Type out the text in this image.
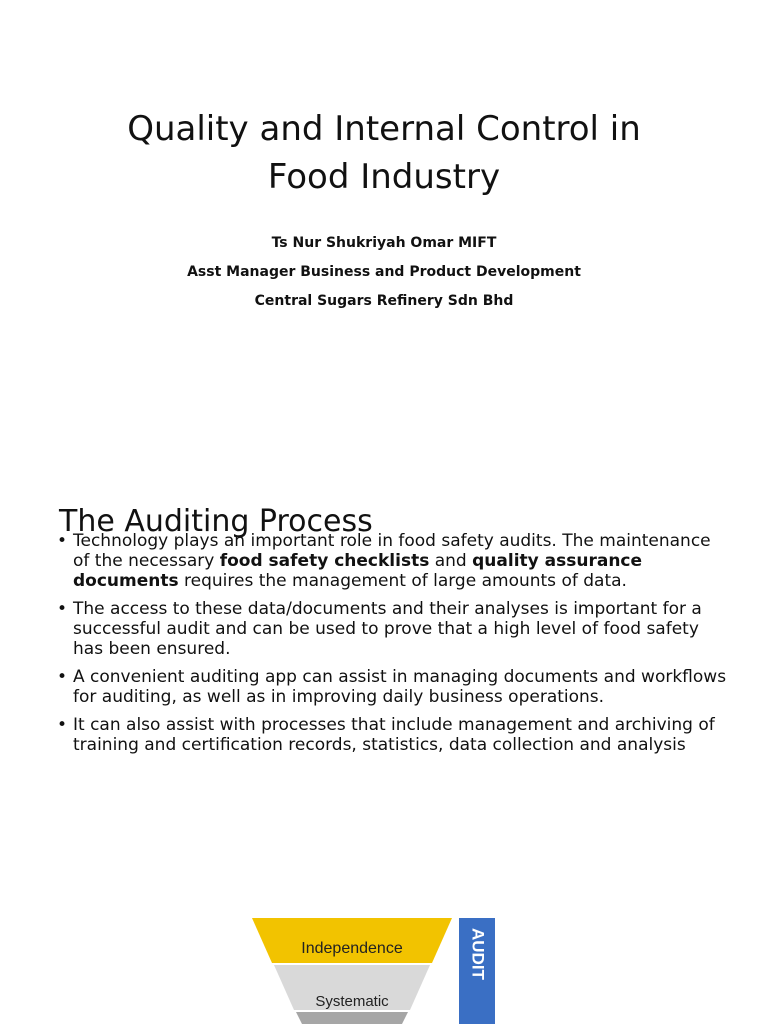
Quality and Internal Control in
Food Industry
Ts Nur Shukriyah Omar MIFT
Asst Manager Business and Product Development
Central Sugars Refinery Sdn Bhd
The Auditing Process
• Technology plays an important role in food safety audits. The maintenance of the necessary food safety checklists and quality assurance documents requires the management of large amounts of data.
• The access to these data/documents and their analyses is important for a successful audit and can be used to prove that a high level of food safety has been ensured.
• A convenient auditing app can assist in managing documents and workflows for auditing, as well as in improving daily business operations.
• It can also assist with processes that include management and archiving of training and certification records, statistics, data collection and analysis
Independence
Systematic
AUDIT
